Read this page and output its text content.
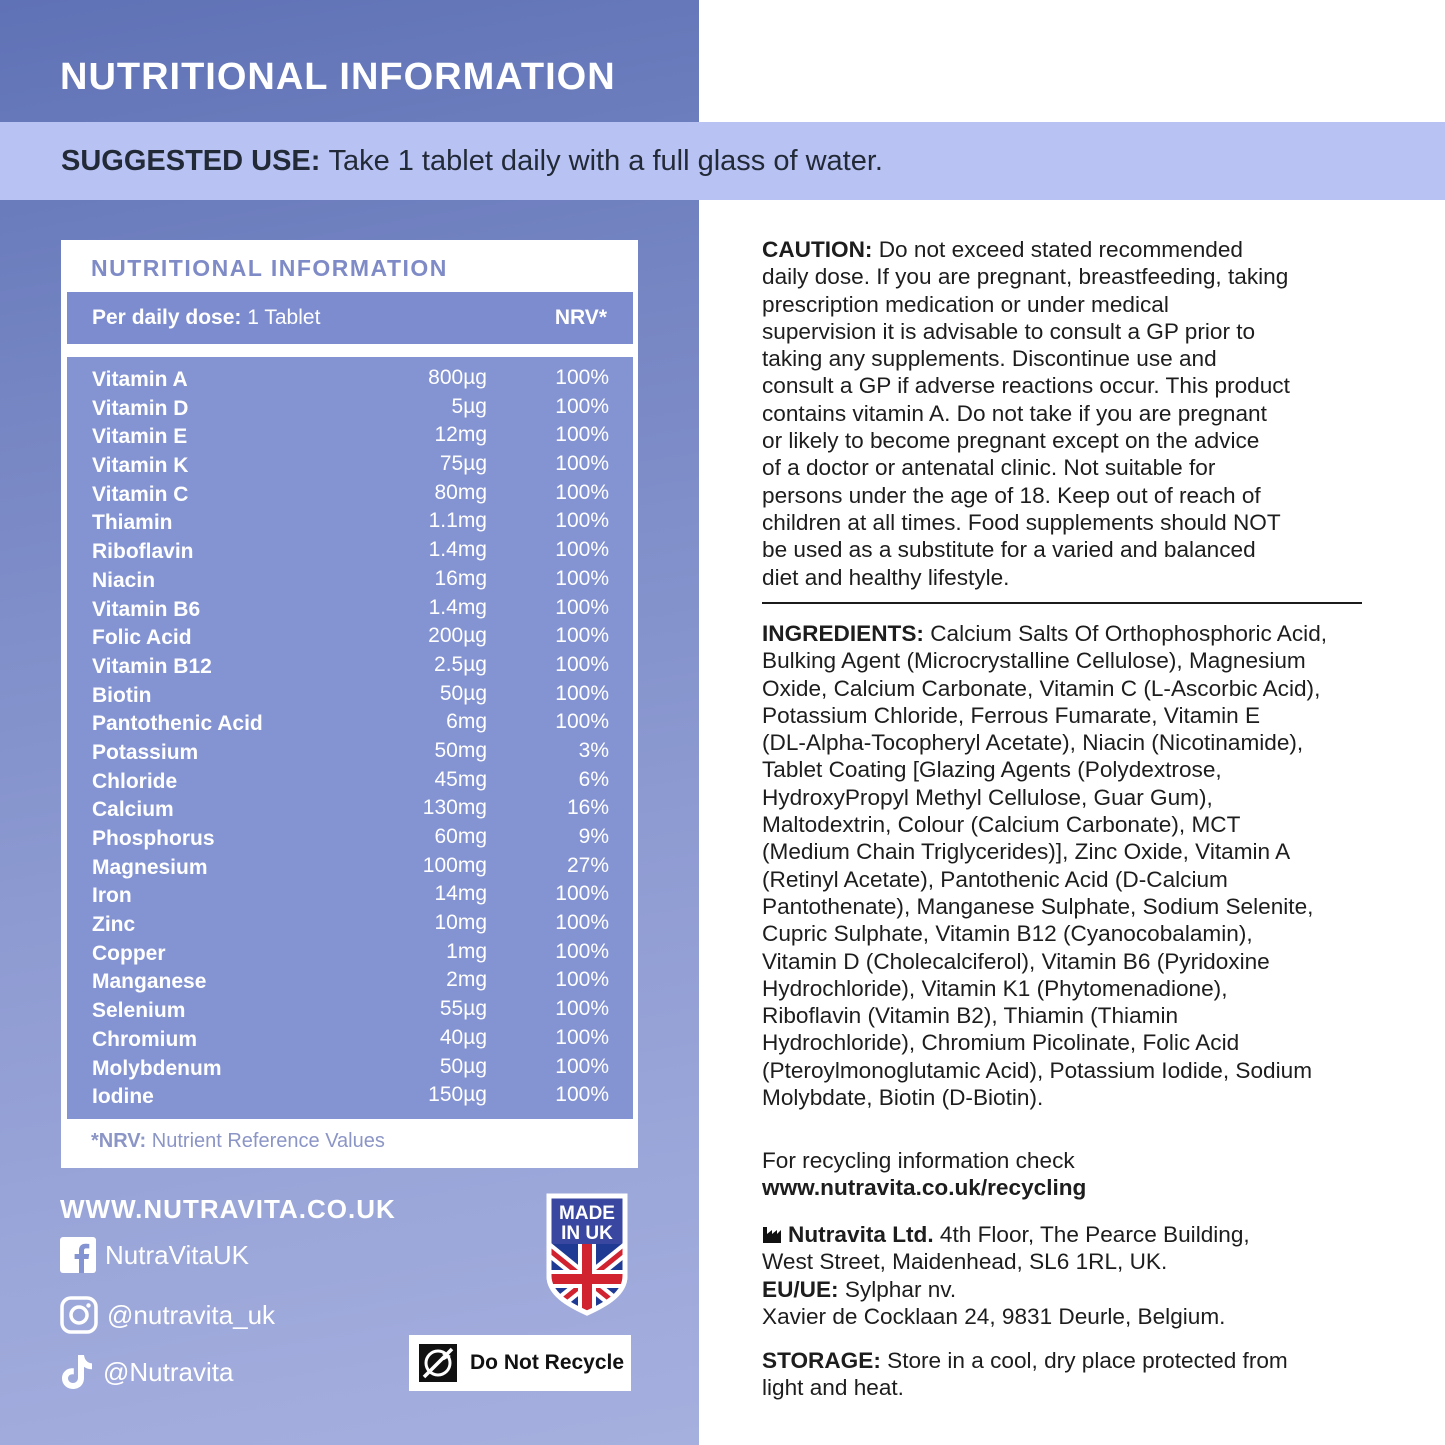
NUTRITIONAL INFORMATION
SUGGESTED USE: Take 1 tablet daily with a full glass of water.
NUTRITIONAL INFORMATION
Per daily dose: 1 Tablet	NRV*
Vitamin A	800µg	100%
Vitamin D	5µg	100%
Vitamin E	12mg	100%
Vitamin K	75µg	100%
Vitamin C	80mg	100%
Thiamin	1.1mg	100%
Riboflavin	1.4mg	100%
Niacin	16mg	100%
Vitamin B6	1.4mg	100%
Folic Acid	200µg	100%
Vitamin B12	2.5µg	100%
Biotin	50µg	100%
Pantothenic Acid	6mg	100%
Potassium	50mg	3%
Chloride	45mg	6%
Calcium	130mg	16%
Phosphorus	60mg	9%
Magnesium	100mg	27%
Iron	14mg	100%
Zinc	10mg	100%
Copper	1mg	100%
Manganese	2mg	100%
Selenium	55µg	100%
Chromium	40µg	100%
Molybdenum	50µg	100%
Iodine	150µg	100%
*NRV: Nutrient Reference Values
WWW.NUTRAVITA.CO.UK
NutraVitaUK
@nutravita_uk
@Nutravita
MADE
IN UK
Do Not Recycle
CAUTION: Do not exceed stated recommended
daily dose. If you are pregnant, breastfeeding, taking
prescription medication or under medical
supervision it is advisable to consult a GP prior to
taking any supplements. Discontinue use and
consult a GP if adverse reactions occur. This product
contains vitamin A. Do not take if you are pregnant
or likely to become pregnant except on the advice
of a doctor or antenatal clinic. Not suitable for
persons under the age of 18. Keep out of reach of
children at all times. Food supplements should NOT
be used as a substitute for a varied and balanced
diet and healthy lifestyle.
INGREDIENTS: Calcium Salts Of Orthophosphoric Acid,
Bulking Agent (Microcrystalline Cellulose), Magnesium
Oxide, Calcium Carbonate, Vitamin C (L-Ascorbic Acid),
Potassium Chloride, Ferrous Fumarate, Vitamin E
(DL-Alpha-Tocopheryl Acetate), Niacin (Nicotinamide),
Tablet Coating [Glazing Agents (Polydextrose,
HydroxyPropyl Methyl Cellulose, Guar Gum),
Maltodextrin, Colour (Calcium Carbonate), MCT
(Medium Chain Triglycerides)], Zinc Oxide, Vitamin A
(Retinyl Acetate), Pantothenic Acid (D-Calcium
Pantothenate), Manganese Sulphate, Sodium Selenite,
Cupric Sulphate, Vitamin B12 (Cyanocobalamin),
Vitamin D (Cholecalciferol), Vitamin B6 (Pyridoxine
Hydrochloride), Vitamin K1 (Phytomenadione),
Riboflavin (Vitamin B2), Thiamin (Thiamin
Hydrochloride), Chromium Picolinate, Folic Acid
(Pteroylmonoglutamic Acid), Potassium Iodide, Sodium
Molybdate, Biotin (D-Biotin).
For recycling information check
www.nutravita.co.uk/recycling
Nutravita Ltd. 4th Floor, The Pearce Building,
West Street, Maidenhead, SL6 1RL, UK.
EU/UE: Sylphar nv.
Xavier de Cocklaan 24, 9831 Deurle, Belgium.
STORAGE: Store in a cool, dry place protected from
light and heat.
